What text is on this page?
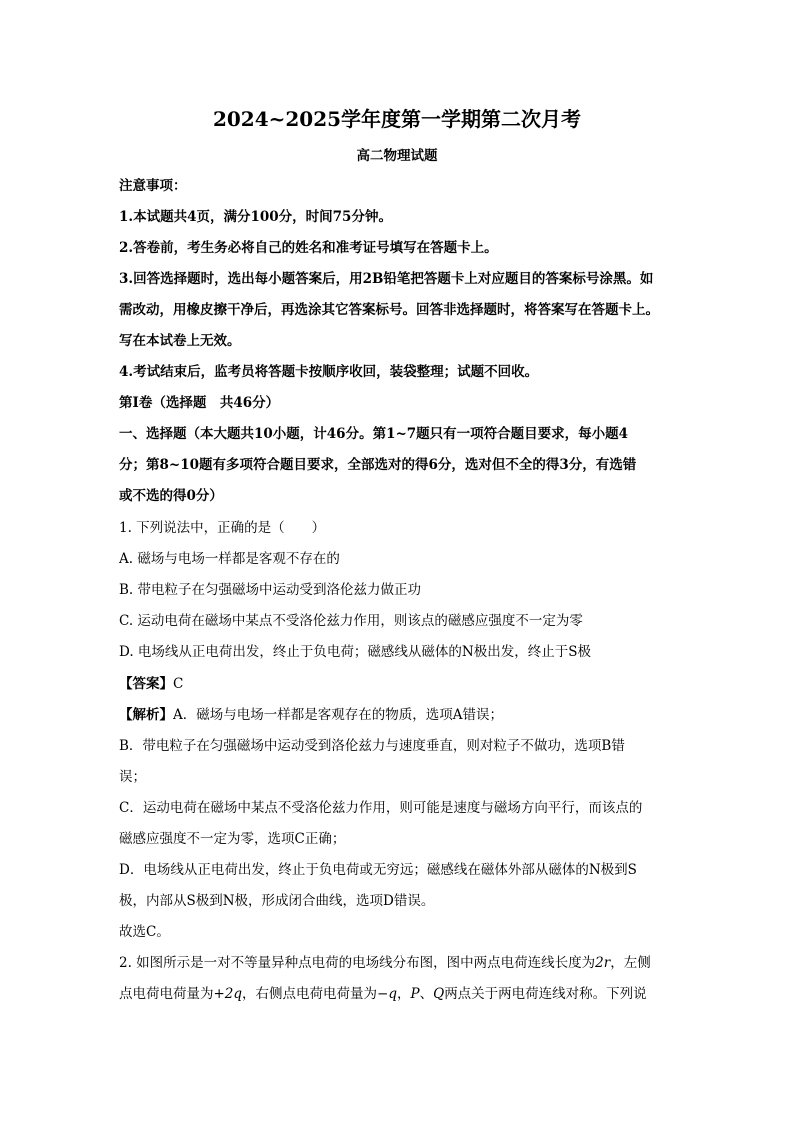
2024~2025学年度第一学期第二次月考
高二物理试题
注意事项：
1.本试题共4页，满分100分，时间75分钟。
2.答卷前，考生务必将自己的姓名和准考证号填写在答题卡上。
3.回答选择题时，选出每小题答案后，用2B铅笔把答题卡上对应题目的答案标号涂黑。如
需改动，用橡皮擦干净后，再选涂其它答案标号。回答非选择题时，将答案写在答题卡上。
写在本试卷上无效。
4.考试结束后，监考员将答题卡按顺序收回，装袋整理；试题不回收。
第Ⅰ卷（选择题　共46分）
一、选择题（本大题共10小题，计46分。第1~7题只有一项符合题目要求，每小题4
分；第8~10题有多项符合题目要求，全部选对的得6分，选对但不全的得3分，有选错
或不选的得0分）
1. 下列说法中，正确的是（　　）
A. 磁场与电场一样都是客观不存在的
B. 带电粒子在匀强磁场中运动受到洛伦兹力做正功
C. 运动电荷在磁场中某点不受洛伦兹力作用，则该点的磁感应强度不一定为零
D. 电场线从正电荷出发，终止于负电荷；磁感线从磁体的N极出发，终止于S极
【答案】C
【解析】A．磁场与电场一样都是客观存在的物质，选项A错误；
B．带电粒子在匀强磁场中运动受到洛伦兹力与速度垂直，则对粒子不做功，选项B错
误；
C．运动电荷在磁场中某点不受洛伦兹力作用，则可能是速度与磁场方向平行，而该点的
磁感应强度不一定为零，选项C正确；
D．电场线从正电荷出发，终止于负电荷或无穷远；磁感线在磁体外部从磁体的N极到S
极，内部从S极到N极，形成闭合曲线，选项D错误。
故选C。
2. 如图所示是一对不等量异种点电荷的电场线分布图，图中两点电荷连线长度为2r，左侧
点电荷电荷量为+2q，右侧点电荷电荷量为−q，P、Q两点关于两电荷连线对称。下列说
